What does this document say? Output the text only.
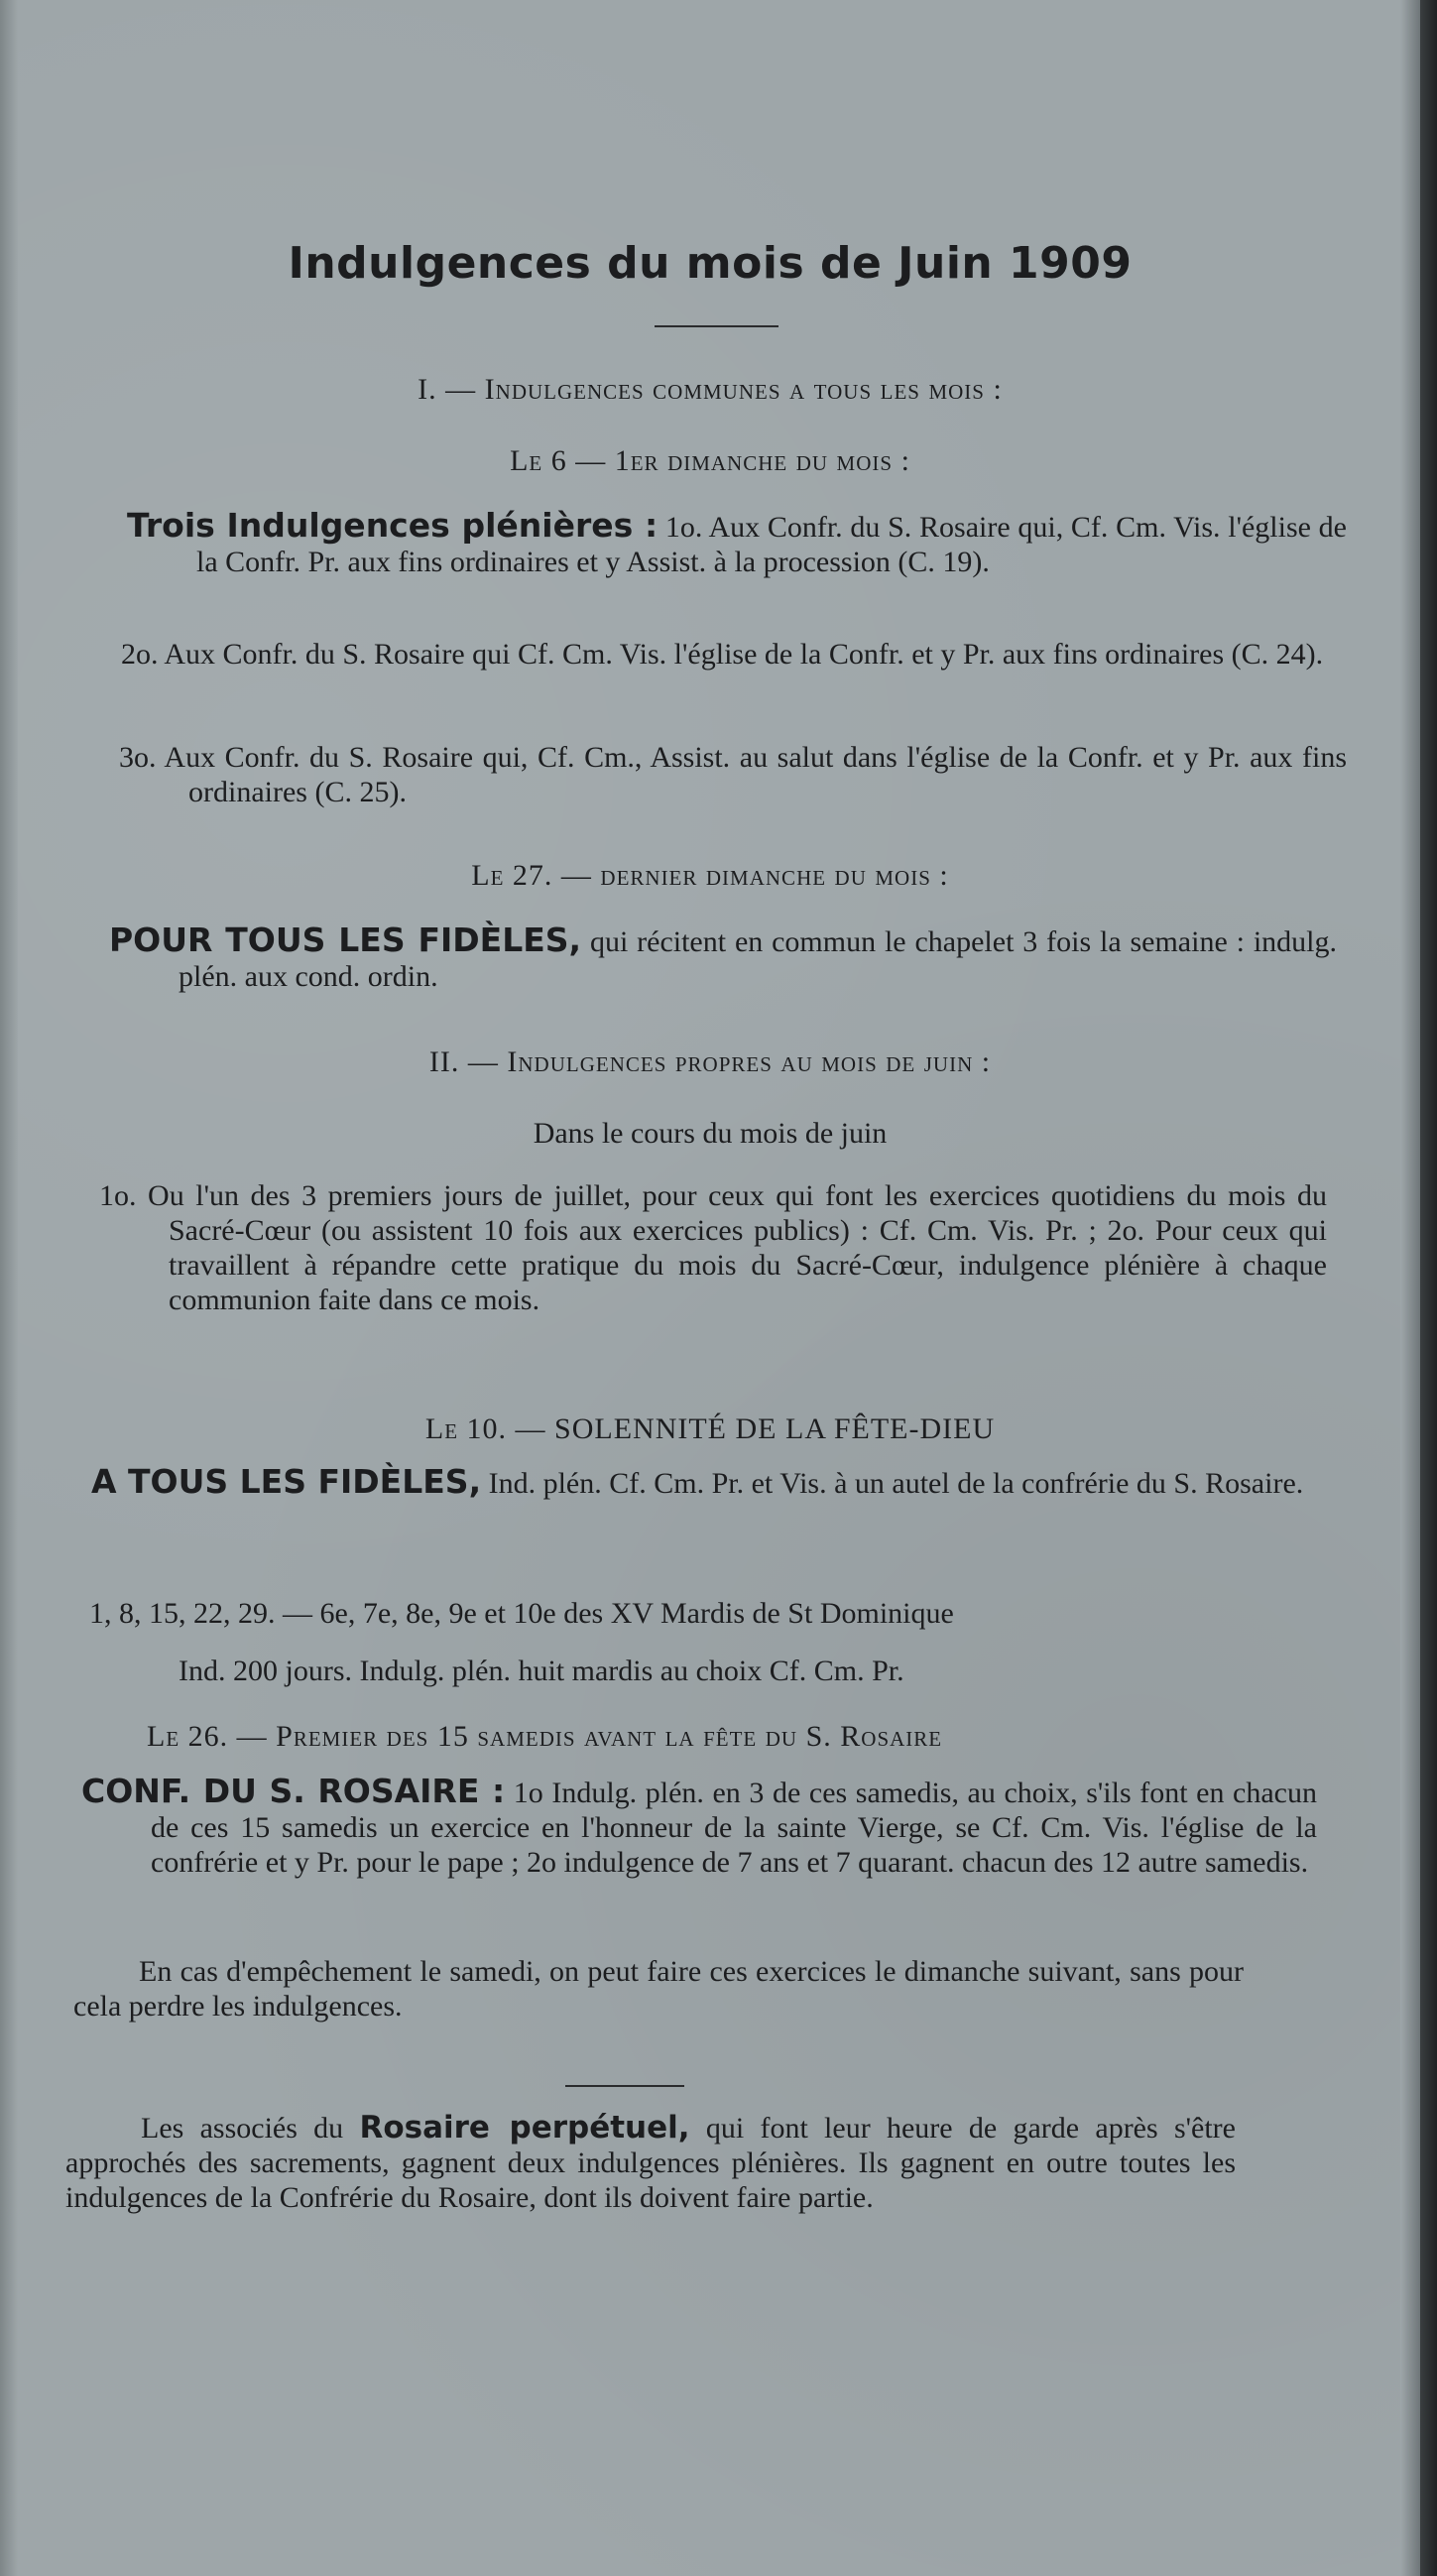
Indulgences du mois de Juin 1909
I. — Indulgences communes a tous les mois :
Le 6 — 1er dimanche du mois :
Trois Indulgences plénières : 1o. Aux Confr. du S. Rosaire qui, Cf. Cm. Vis. l'église de la Confr. Pr. aux fins ordinaires et y Assist. à la procession (C. 19).
2o. Aux Confr. du S. Rosaire qui Cf. Cm. Vis. l'église de la Confr. et y Pr. aux fins ordinaires (C. 24).
3o. Aux Confr. du S. Rosaire qui, Cf. Cm., Assist. au salut dans l'église de la Confr. et y Pr. aux fins ordinaires (C. 25).
Le 27. — dernier dimanche du mois :
POUR TOUS LES FIDÈLES, qui récitent en commun le chapelet 3 fois la semaine : indulg. plén. aux cond. ordin.
II. — Indulgences propres au mois de juin :
Dans le cours du mois de juin
1o. Ou l'un des 3 premiers jours de juillet, pour ceux qui font les exercices quotidiens du mois du Sacré-Cœur (ou assistent 10 fois aux exercices publics) : Cf. Cm. Vis. Pr. ; 2o. Pour ceux qui travaillent à répandre cette pratique du mois du Sacré-Cœur, indulgence plénière à chaque communion faite dans ce mois.
Le 10. — SOLENNITÉ DE LA FÊTE-DIEU
A TOUS LES FIDÈLES, Ind. plén. Cf. Cm. Pr. et Vis. à un autel de la confrérie du S. Rosaire.
1, 8, 15, 22, 29. — 6e, 7e, 8e, 9e et 10e des XV Mardis de St Dominique
Ind. 200 jours. Indulg. plén. huit mardis au choix Cf. Cm. Pr.
Le 26. — Premier des 15 samedis avant la fête du S. Rosaire
CONF. DU S. ROSAIRE : 1o Indulg. plén. en 3 de ces samedis, au choix, s'ils font en chacun de ces 15 samedis un exercice en l'honneur de la sainte Vierge, se Cf. Cm. Vis. l'église de la confrérie et y Pr. pour le pape ; 2o indulgence de 7 ans et 7 quarant. chacun des 12 autre samedis.
En cas d'empêchement le samedi, on peut faire ces exercices le dimanche suivant, sans pour cela perdre les indulgences.
Les associés du Rosaire perpétuel, qui font leur heure de garde après s'être approchés des sacrements, gagnent deux indulgences plénières. Ils gagnent en outre toutes les indulgences de la Confrérie du Rosaire, dont ils doivent faire partie.
